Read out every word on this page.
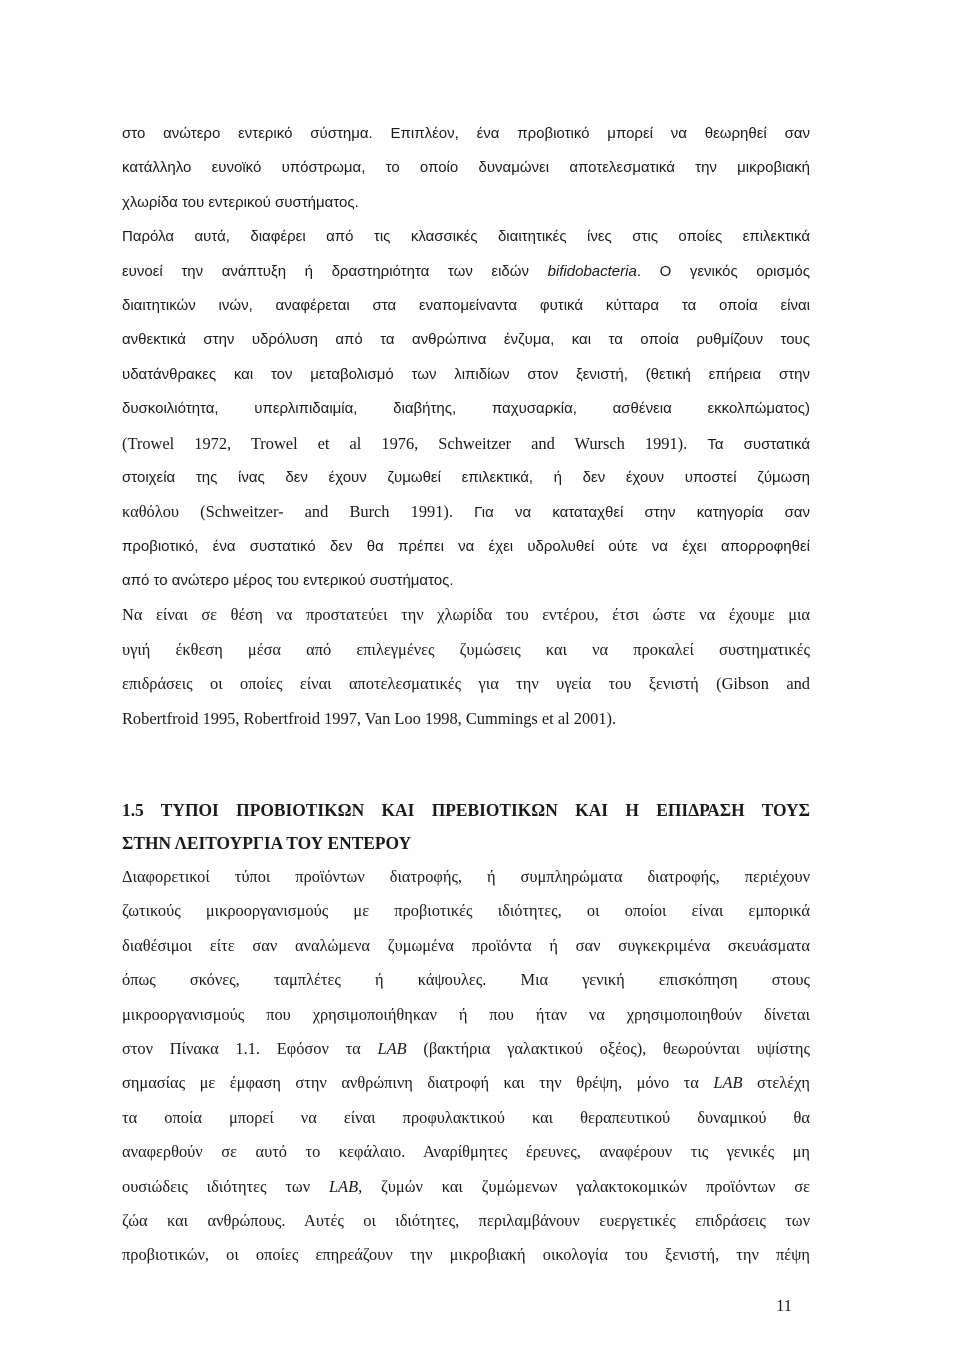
στο ανώτερο εντερικό σύστημα. Επιπλέον, ένα προβιοτικό μπορεί να θεωρηθεί σαν
κατάλληλο ευνοϊκό υπόστρωμα, το οποίο δυναμώνει αποτελεσματικά την μικροβιακή
χλωρίδα του εντερικού συστήματος.
Παρόλα αυτά, διαφέρει από τις κλασσικές διαιτητικές ίνες στις οποίες επιλεκτικά
ευνοεί την ανάπτυξη ή δραστηριότητα των ειδών bifidobacteria. Ο γενικός ορισμός
διαιτητικών ινών, αναφέρεται στα εναπομείναντα φυτικά κύτταρα τα οποία είναι
ανθεκτικά στην υδρόλυση από τα ανθρώπινα ένζυμα, και τα οποία ρυθμίζουν τους
υδατάνθρακες και τον μεταβολισμό των λιπιδίων στον ξενιστή, (θετική επήρεια στην
δυσκοιλιότητα, υπερλιπιδαιμία, διαβήτης, παχυσαρκία, ασθένεια εκκολπώματος)
(Trowel 1972, Trowel et al 1976, Schweitzer and Wursch 1991). Τα συστατικά
στοιχεία της ίνας δεν έχουν ζυμωθεί επιλεκτικά, ή δεν έχουν υποστεί ζύμωση
καθόλου (Schweitzer- and Burch 1991). Για να καταταχθεί στην κατηγορία σαν
προβιοτικό, ένα συστατικό δεν θα πρέπει να έχει υδρολυθεί ούτε να έχει απορροφηθεί
από το ανώτερο μέρος του εντερικού συστήματος.
Να είναι σε θέση να προστατεύει την χλωρίδα του εντέρου, έτσι ώστε να έχουμε μια
υγιή έκθεση μέσα από επιλεγμένες ζυμώσεις και να προκαλεί συστηματικές
επιδράσεις οι οποίες είναι αποτελεσματικές για την υγεία του ξενιστή (Gibson and
Robertfroid 1995, Robertfroid 1997, Van Loo 1998, Cummings et al 2001).
1.5 ΤΥΠΟΙ ΠΡΟΒΙΟΤΙΚΩΝ ΚΑΙ ΠΡΕΒΙΟΤΙΚΩΝ ΚΑΙ Η ΕΠΙΔΡΑΣΗ ΤΟΥΣ
ΣΤΗΝ ΛΕΙΤΟΥΡΓΙΑ ΤΟΥ ΕΝΤΕΡΟΥ
Διαφορετικοί τύποι προϊόντων διατροφής, ή συμπληρώματα διατροφής, περιέχουν
ζωτικούς μικροοργανισμούς με προβιοτικές ιδιότητες, οι οποίοι είναι εμπορικά
διαθέσιμοι είτε σαν αναλώμενα ζυμωμένα προϊόντα ή σαν συγκεκριμένα σκευάσματα
όπως σκόνες, ταμπλέτες ή κάψουλες. Μια γενική επισκόπηση στους
μικροοργανισμούς που χρησιμοποιήθηκαν ή που ήταν να χρησιμοποιηθούν δίνεται
στον Πίνακα 1.1. Εφόσον τα LAB (βακτήρια γαλακτικού οξέος), θεωρούνται υψίστης
σημασίας με έμφαση στην ανθρώπινη διατροφή και την θρέψη, μόνο τα LAB στελέχη
τα οποία μπορεί να είναι προφυλακτικού και θεραπευτικού δυναμικού θα
αναφερθούν σε αυτό το κεφάλαιο. Αναρίθμητες έρευνες, αναφέρουν τις γενικές μη
ουσιώδεις ιδιότητες των LAB, ζυμών και ζυμώμενων γαλακτοκομικών προϊόντων σε
ζώα και ανθρώπους. Αυτές οι ιδιότητες, περιλαμβάνουν ευεργετικές επιδράσεις των
προβιοτικών, οι οποίες επηρεάζουν την μικροβιακή οικολογία του ξενιστή, την πέψη
11
